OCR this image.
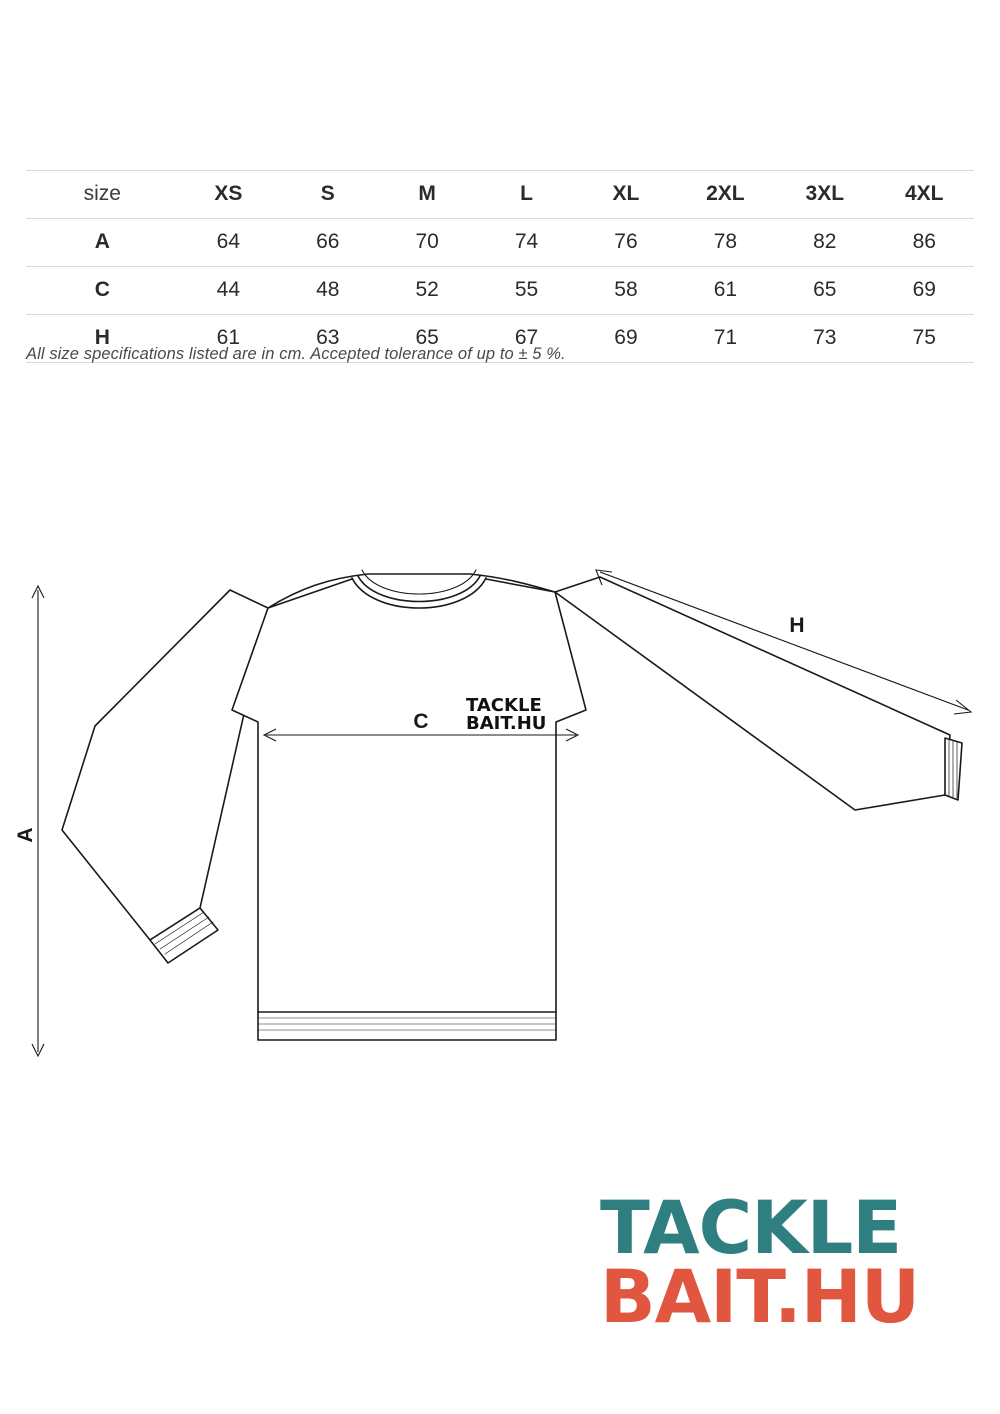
size	XS	S	M	L	XL	2XL	3XL	4XL
A	64	66	70	74	76	78	82	86
C	44	48	52	55	58	61	65	69
H	61	63	65	67	69	71	73	75
All size specifications listed are in cm. Accepted tolerance of up to ± 5 %.
TACKLE
BAIT.HU
A
C
H
TACKLE
BAIT.HU
